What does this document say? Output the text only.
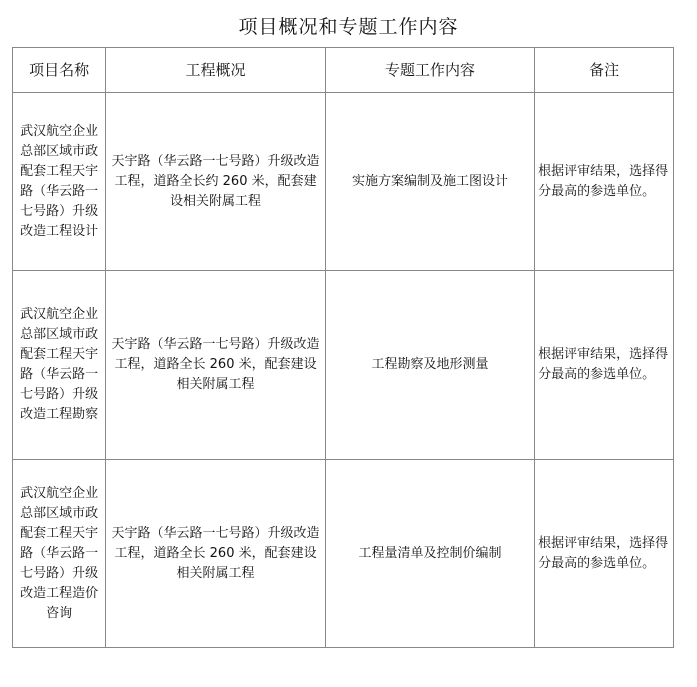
项目概况和专题工作内容
项目名称	工程概况	专题工作内容	备注
武汉航空企业总部区域市政配套工程天宇路（华云路一七号路）升级改造工程设计	天宇路（华云路一七号路）升级改造工程，道路全长约 260 米，配套建设相关附属工程	实施方案编制及施工图设计	根据评审结果，选择得分最高的参选单位。
武汉航空企业总部区域市政配套工程天宇路（华云路一七号路）升级改造工程勘察	天宇路（华云路一七号路）升级改造工程，道路全长 260 米，配套建设相关附属工程	工程勘察及地形测量	根据评审结果，选择得分最高的参选单位。
武汉航空企业总部区域市政配套工程天宇路（华云路一七号路）升级改造工程造价咨询	天宇路（华云路一七号路）升级改造工程，道路全长 260 米，配套建设相关附属工程	工程量清单及控制价编制	根据评审结果，选择得分最高的参选单位。
